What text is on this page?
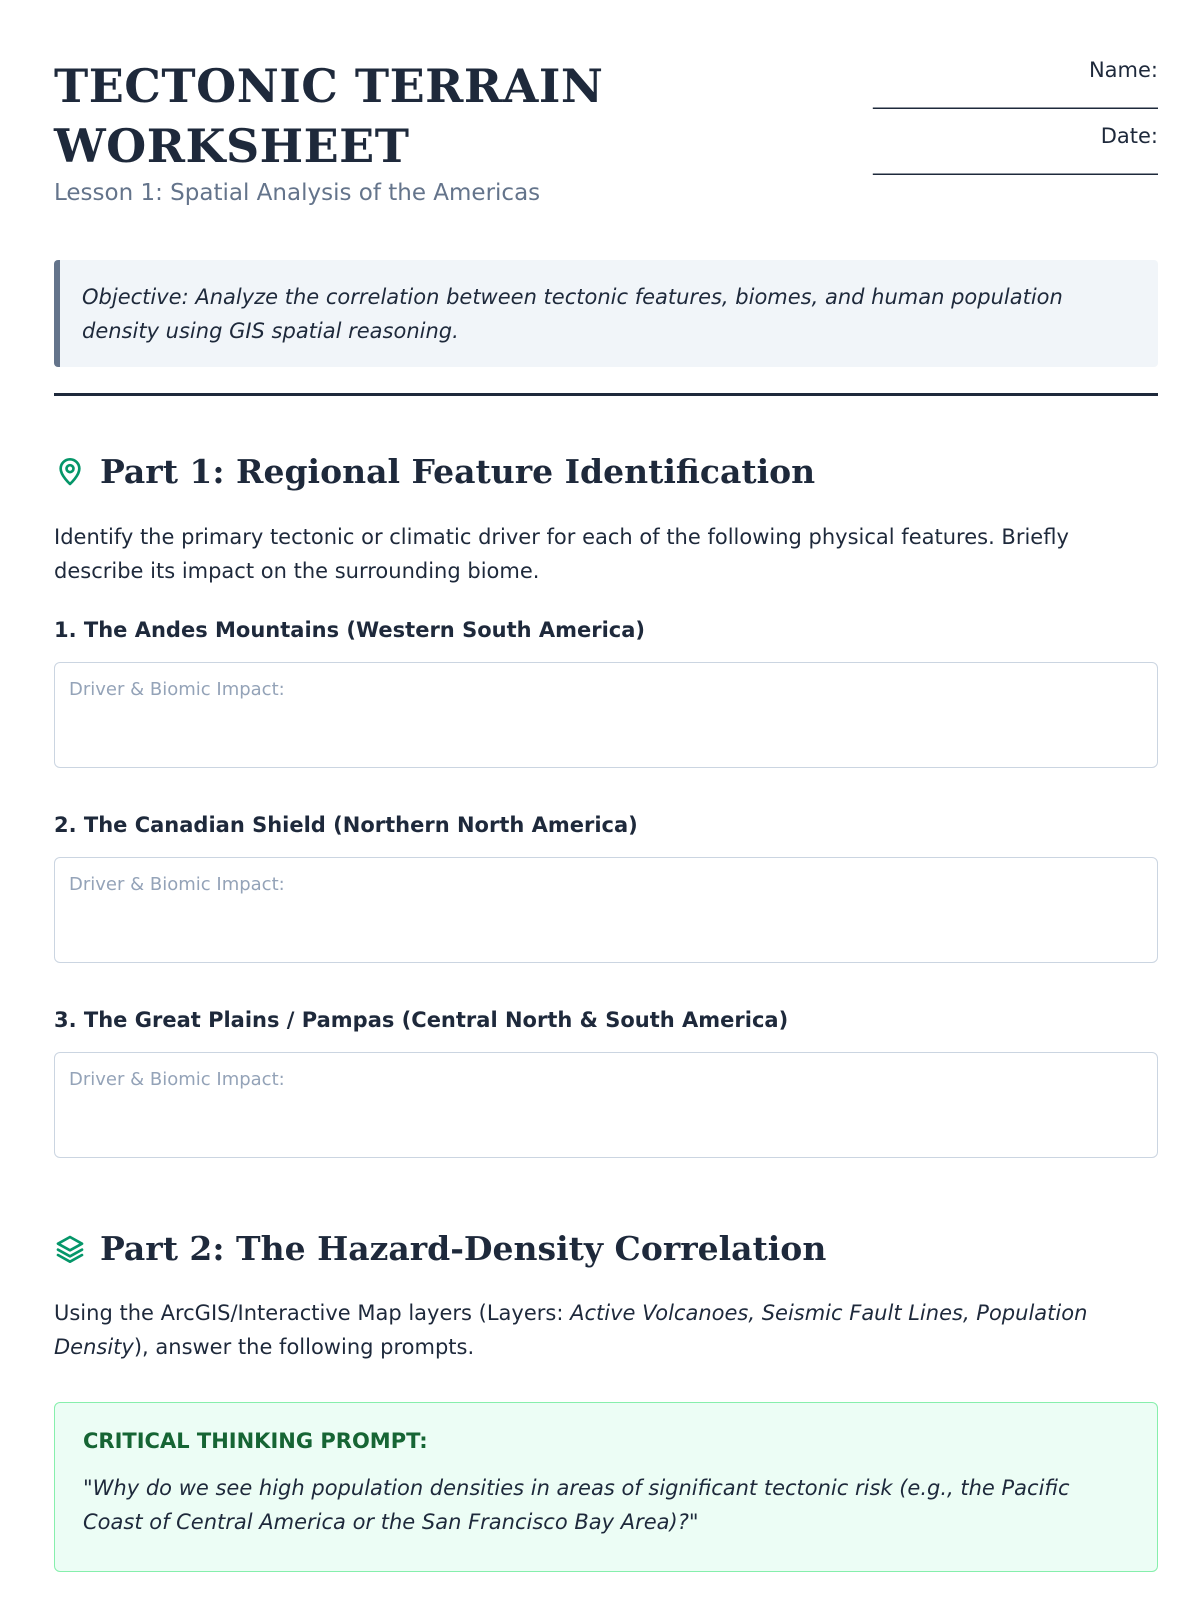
TECTONIC TERRAIN
WORKSHEET
Lesson 1: Spatial Analysis of the Americas
Name:
______________________________
Date:
______________________________
Objective: Analyze the correlation between tectonic features, biomes, and human population density using GIS spatial reasoning.
Part 1: Regional Feature Identification
Identify the primary tectonic or climatic driver for each of the following physical features. Briefly describe its impact on the surrounding biome.
1. The Andes Mountains (Western South America)
Driver & Biomic Impact:
2. The Canadian Shield (Northern North America)
Driver & Biomic Impact:
3. The Great Plains / Pampas (Central North & South America)
Driver & Biomic Impact:
Part 2: The Hazard-Density Correlation
Using the ArcGIS/Interactive Map layers (Layers: Active Volcanoes, Seismic Fault Lines, Population Density), answer the following prompts.
CRITICAL THINKING PROMPT:
"Why do we see high population densities in areas of significant tectonic risk (e.g., the Pacific Coast of Central America or the San Francisco Bay Area)?"
